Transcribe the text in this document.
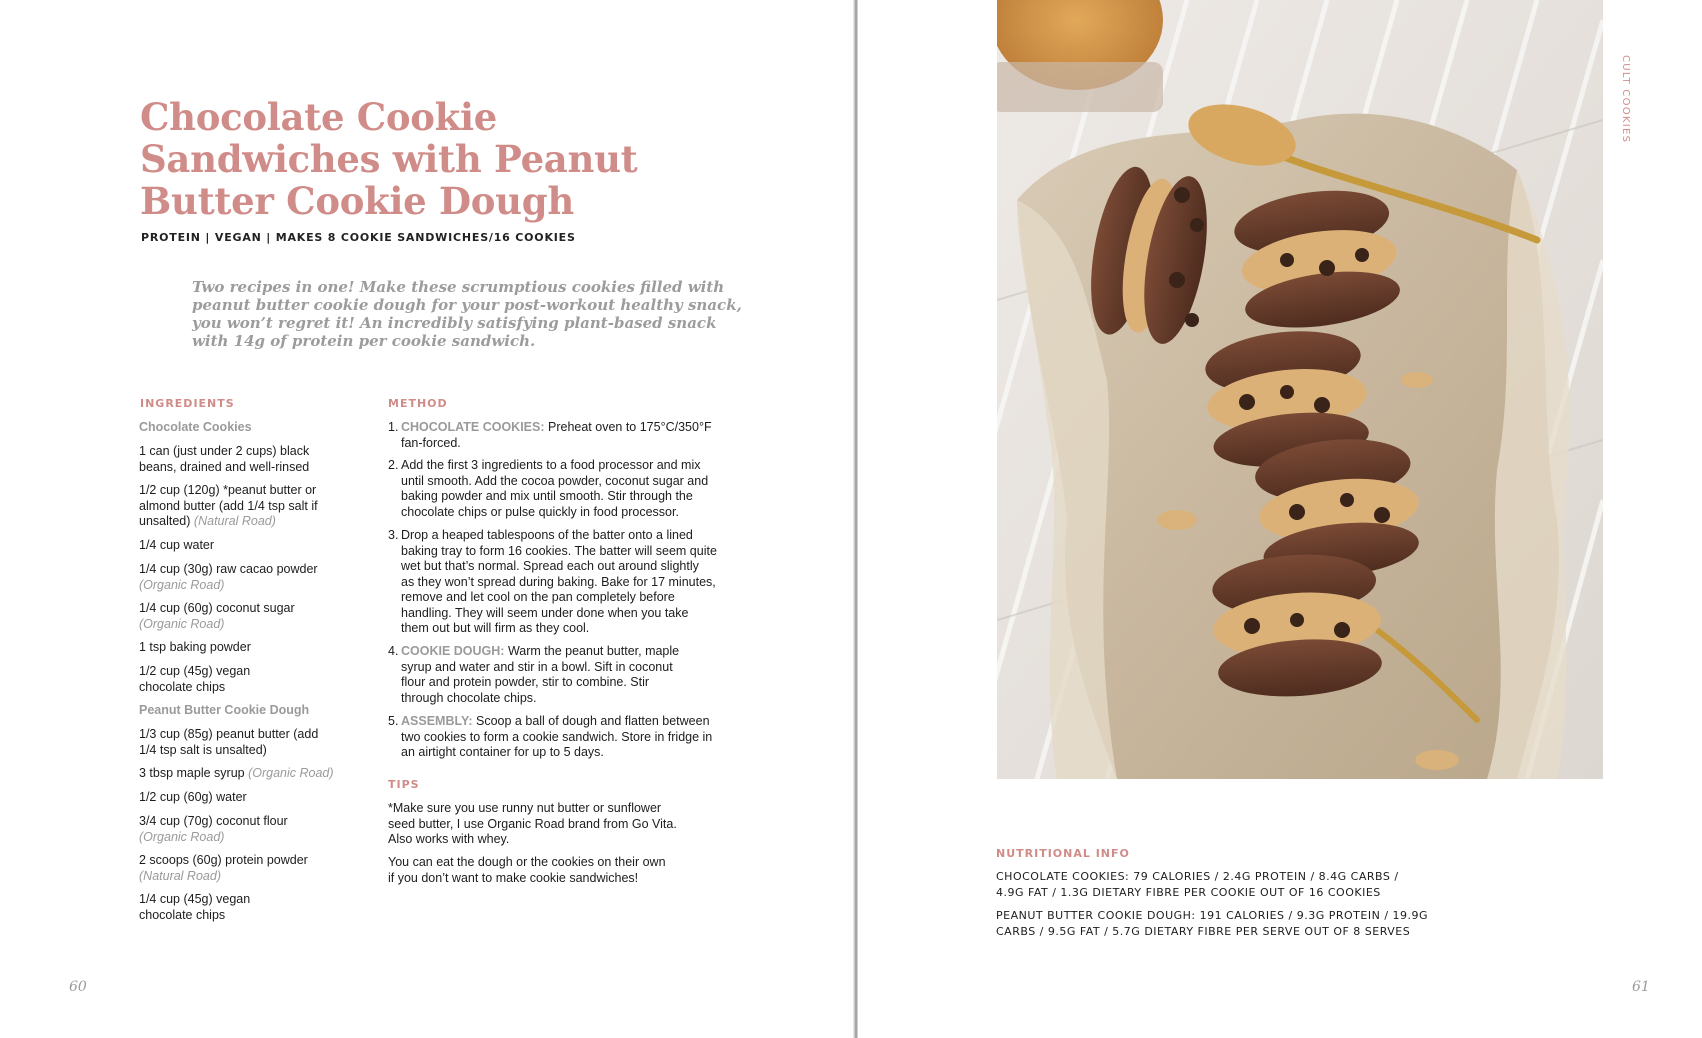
Chocolate Cookie
Sandwiches with Peanut
Butter Cookie Dough
PROTEIN | VEGAN | MAKES 8 COOKIE SANDWICHES/16 COOKIES
Two recipes in one! Make these scrumptious cookies filled with
peanut butter cookie dough for your post-workout healthy snack,
you won’t regret it! An incredibly satisfying plant-based snack
with 14g of protein per cookie sandwich.
INGREDIENTS
Chocolate Cookies
1 can (just under 2 cups) black
beans, drained and well-rinsed
1/2 cup (120g) *peanut butter or
almond butter (add 1/4 tsp salt if
unsalted) (Natural Road)
1/4 cup water
1/4 cup (30g) raw cacao powder
(Organic Road)
1/4 cup (60g) coconut sugar
(Organic Road)
1 tsp baking powder
1/2 cup (45g) vegan
chocolate chips
Peanut Butter Cookie Dough
1/3 cup (85g) peanut butter (add
1/4 tsp salt is unsalted)
3 tbsp maple syrup (Organic Road)
1/2 cup (60g) water
3/4 cup (70g) coconut flour
(Organic Road)
2 scoops (60g) protein powder
(Natural Road)
1/4 cup (45g) vegan
chocolate chips
METHOD
1. CHOCOLATE COOKIES: Preheat oven to 175°C/350°F
fan-forced.
2. Add the first 3 ingredients to a food processor and mix
until smooth. Add the cocoa powder, coconut sugar and
baking powder and mix until smooth. Stir through the
chocolate chips or pulse quickly in food processor.
3. Drop a heaped tablespoons of the batter onto a lined
baking tray to form 16 cookies. The batter will seem quite
wet but that’s normal. Spread each out around slightly
as they won’t spread during baking. Bake for 17 minutes,
remove and let cool on the pan completely before
handling. They will seem under done when you take
them out but will firm as they cool.
4. COOKIE DOUGH: Warm the peanut butter, maple
syrup and water and stir in a bowl. Sift in coconut
flour and protein powder, stir to combine. Stir
through chocolate chips.
5. ASSEMBLY: Scoop a ball of dough and flatten between
two cookies to form a cookie sandwich. Store in fridge in
an airtight container for up to 5 days.
TIPS
*Make sure you use runny nut butter or sunflower
seed butter, I use Organic Road brand from Go Vita.
Also works with whey.
You can eat the dough or the cookies on their own
if you don’t want to make cookie sandwiches!
60
CULT COOKIES
NUTRITIONAL INFO
CHOCOLATE COOKIES: 79 CALORIES / 2.4G PROTEIN / 8.4G CARBS /
4.9G FAT / 1.3G DIETARY FIBRE PER COOKIE OUT OF 16 COOKIES
PEANUT BUTTER COOKIE DOUGH: 191 CALORIES / 9.3G PROTEIN / 19.9G
CARBS / 9.5G FAT / 5.7G DIETARY FIBRE PER SERVE OUT OF 8 SERVES
61
